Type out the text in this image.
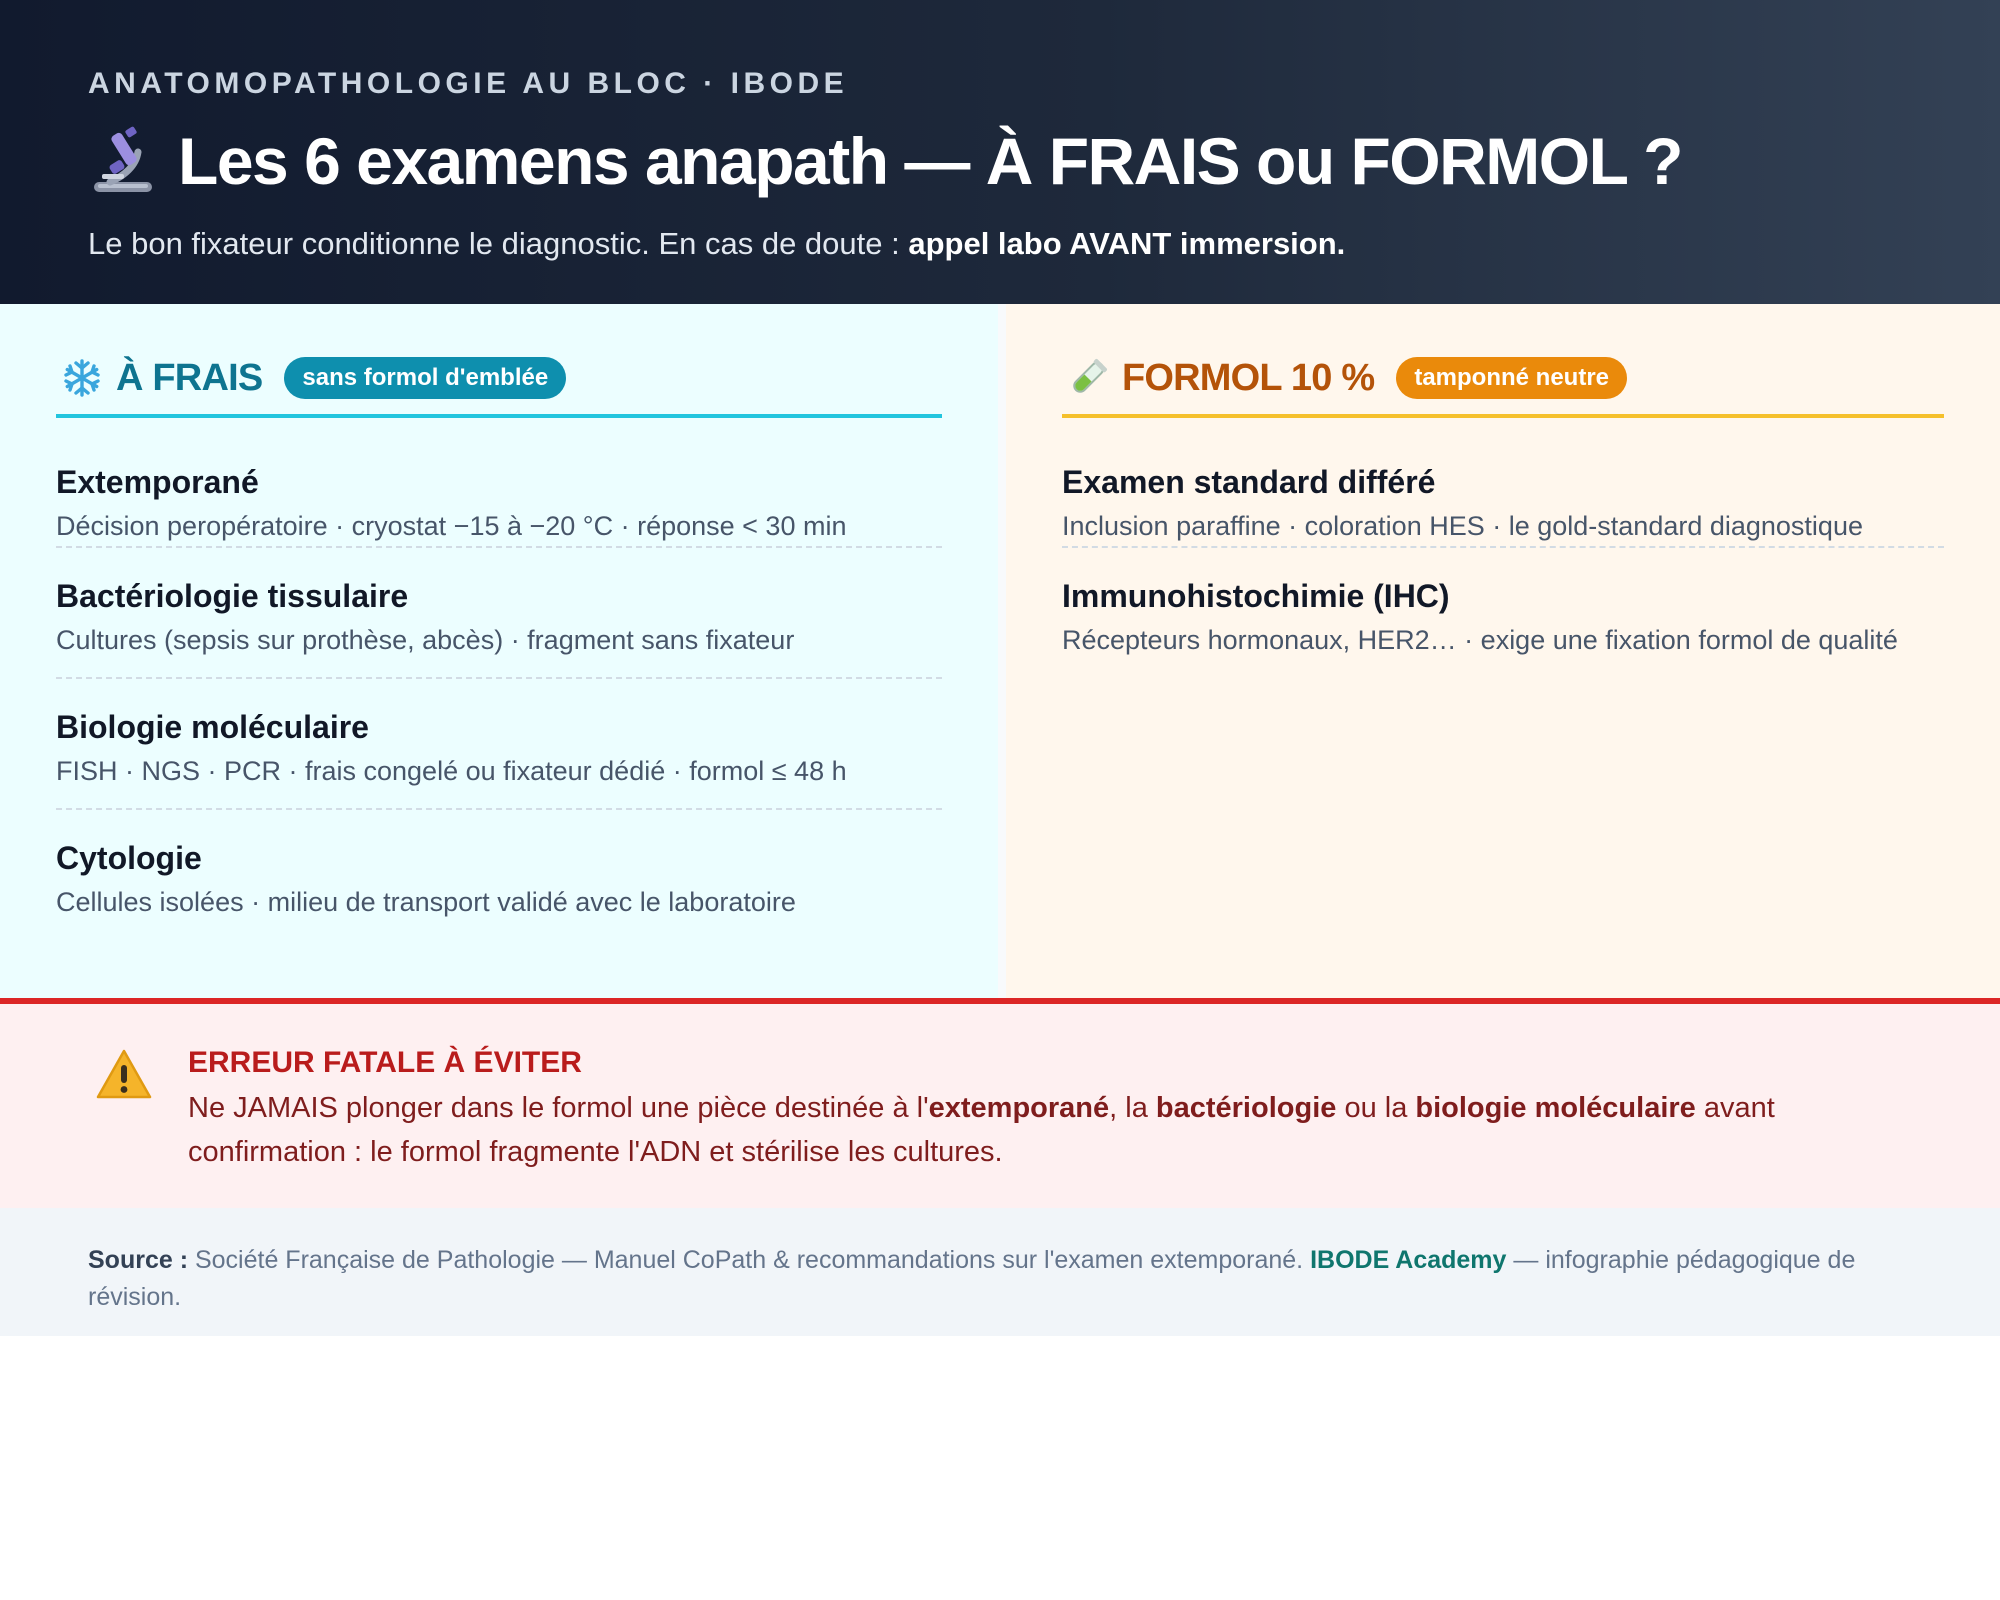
ANATOMOPATHOLOGIE AU BLOC · IBODE
Les 6 examens anapath — À FRAIS ou FORMOL ?
Le bon fixateur conditionne le diagnostic. En cas de doute : appel labo AVANT immersion.
À FRAIS	sans formol d'emblée
Extemporané
Décision peropératoire · cryostat −15 à −20 °C · réponse < 30 min
Bactériologie tissulaire
Cultures (sepsis sur prothèse, abcès) · fragment sans fixateur
Biologie moléculaire
FISH · NGS · PCR · frais congelé ou fixateur dédié · formol ≤ 48 h
Cytologie
Cellules isolées · milieu de transport validé avec le laboratoire
FORMOL 10 %	tamponné neutre
Examen standard différé
Inclusion paraffine · coloration HES · le gold-standard diagnostique
Immunohistochimie (IHC)
Récepteurs hormonaux, HER2… · exige une fixation formol de qualité
ERREUR FATALE À ÉVITER
Ne JAMAIS plonger dans le formol une pièce destinée à l'extemporané, la bactériologie ou la biologie moléculaire avant confirmation : le formol fragmente l'ADN et stérilise les cultures.
Source : Société Française de Pathologie — Manuel CoPath & recommandations sur l'examen extemporané. IBODE Academy — infographie pédagogique de révision.
